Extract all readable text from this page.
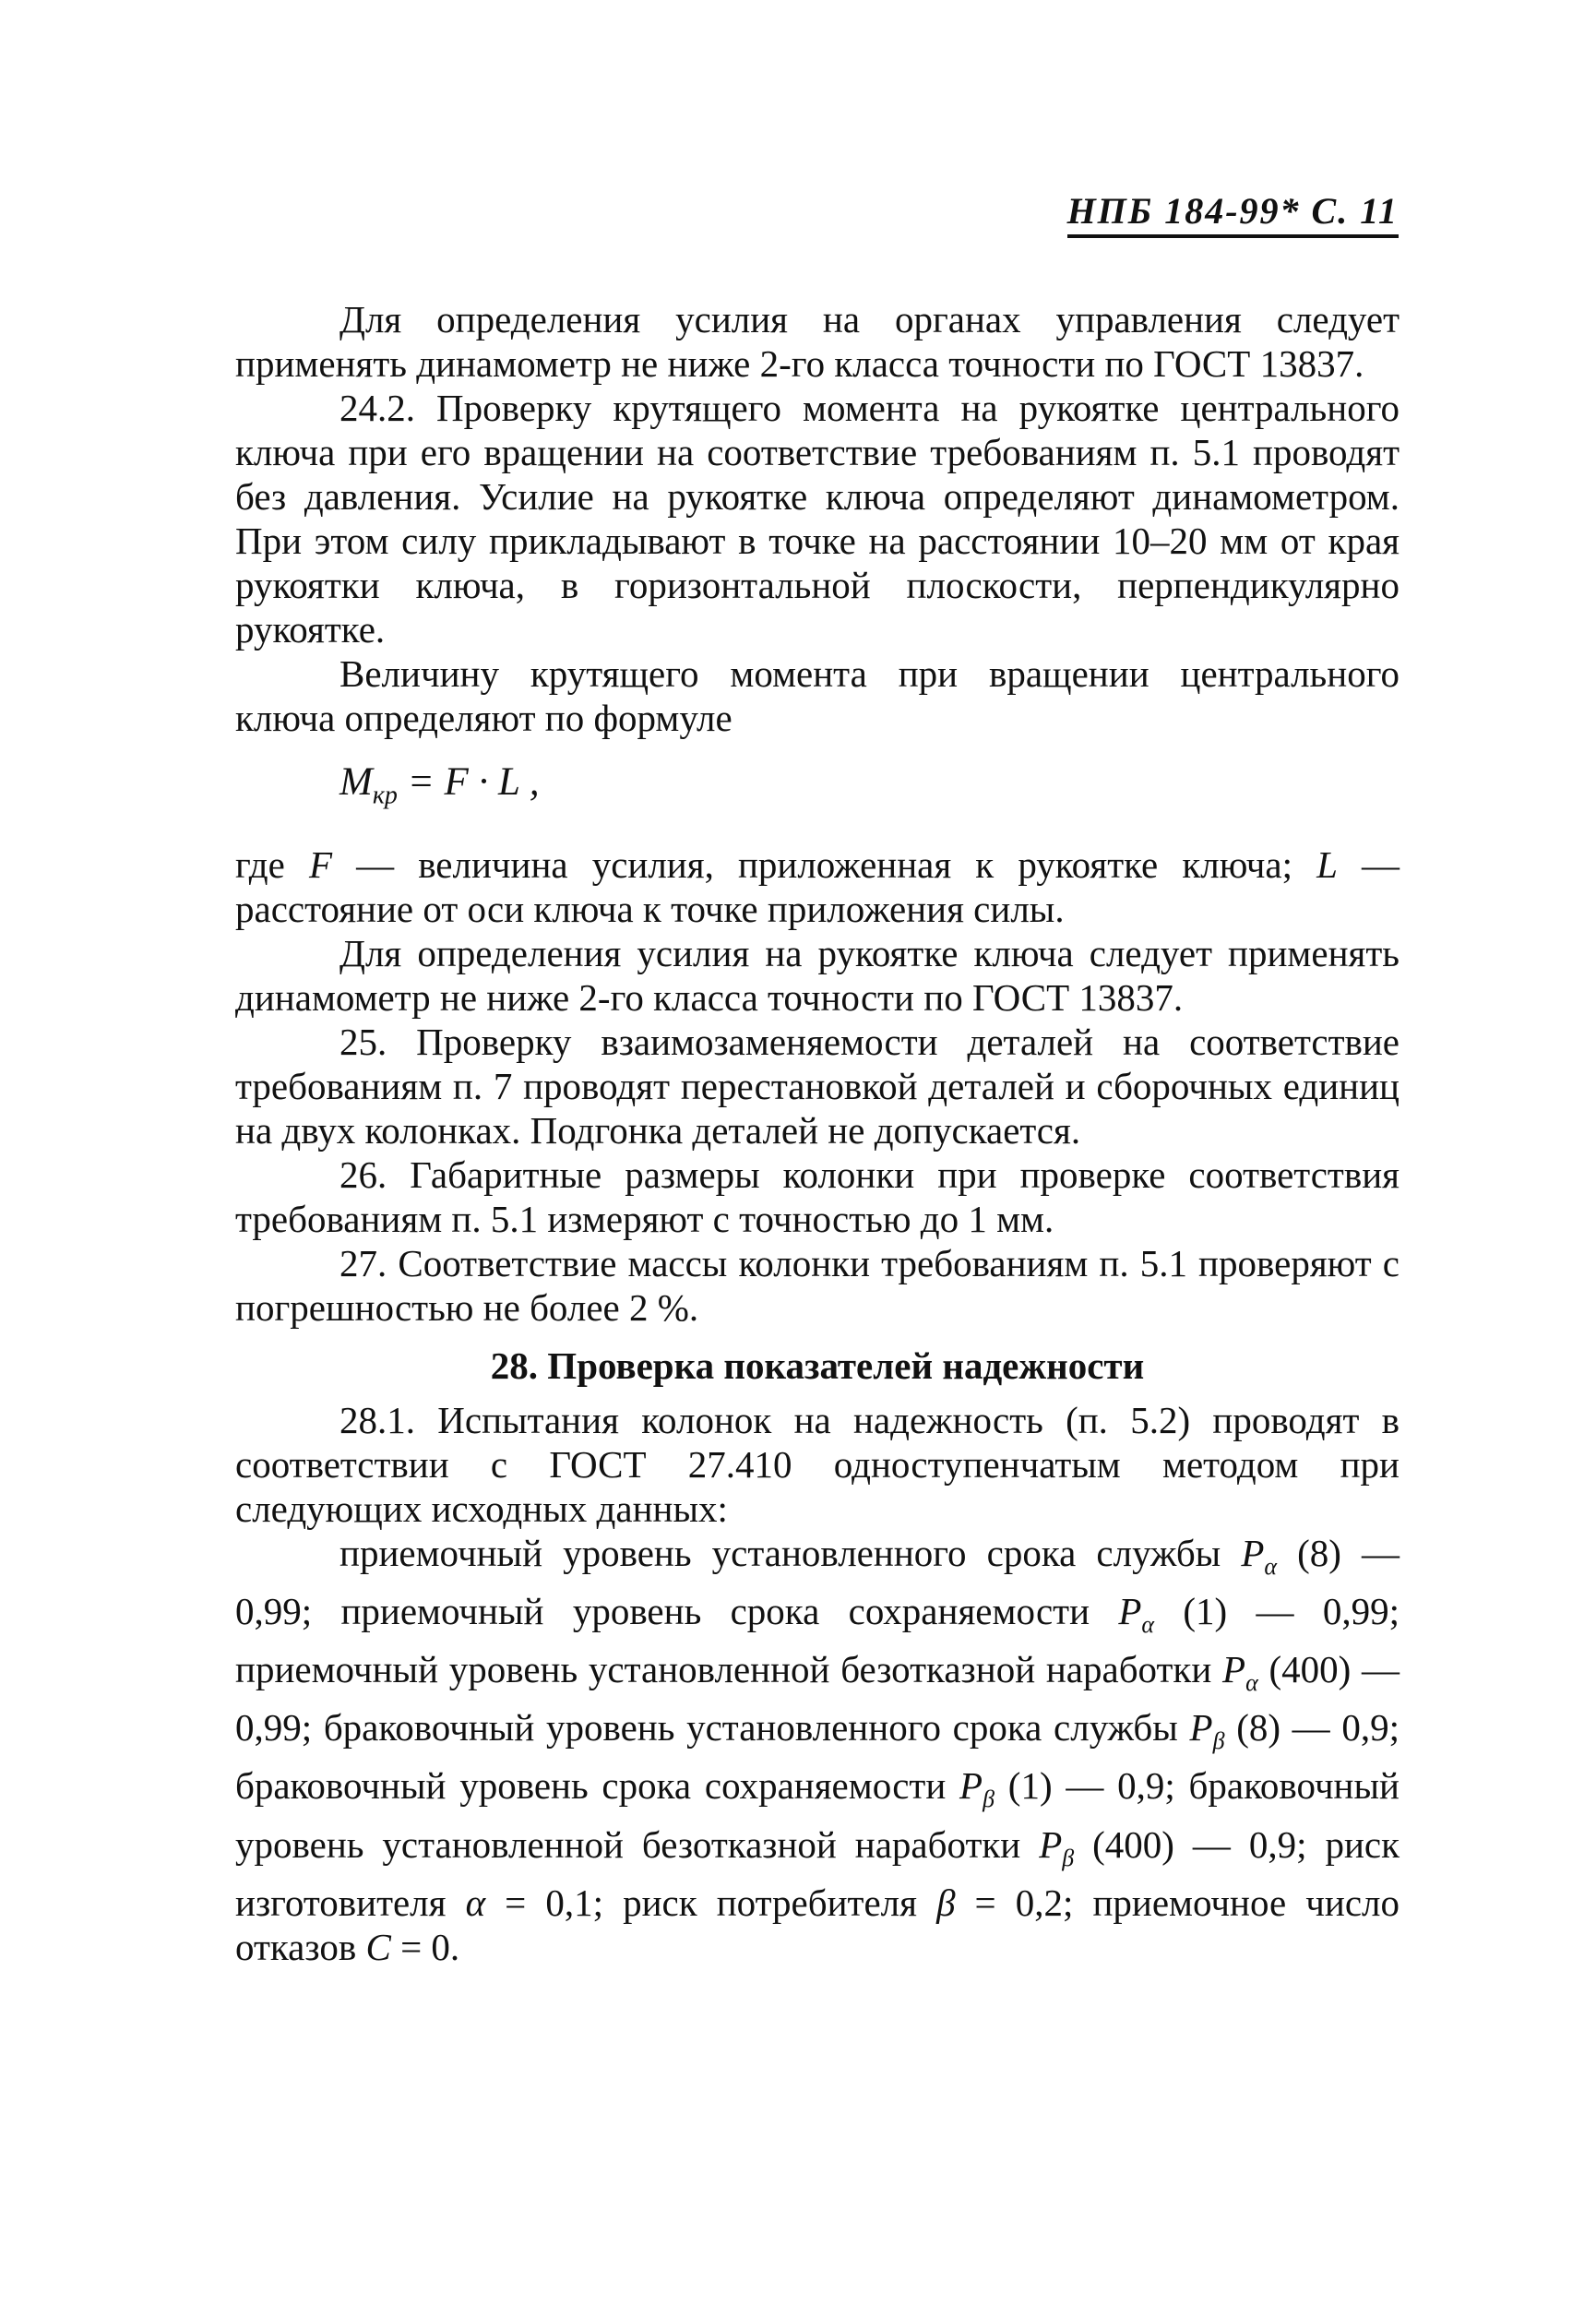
НПБ 184-99* С. 11

Для определения усилия на органах управления следует применять динамометр не ниже 2-го класса точности по ГОСТ 13837.

24.2. Проверку крутящего момента на рукоятке центрального ключа при его вращении на соответствие требованиям п. 5.1 проводят без давления. Усилие на рукоятке ключа определяют динамометром. При этом силу прикладывают в точке на расстоянии 10–20 мм от края рукоятки ключа, в горизонтальной плоскости, перпендикулярно рукоятке.

Величину крутящего момента при вращении центрального ключа определяют по формуле

$M_{кр} = F \cdot L$ ,

где F — величина усилия, приложенная к рукоятке ключа; L — расстояние от оси ключа к точке приложения силы.

Для определения усилия на рукоятке ключа следует применять динамометр не ниже 2-го класса точности по ГОСТ 13837.

25. Проверку взаимозаменяемости деталей на соответствие требованиям п. 7 проводят перестановкой деталей и сборочных единиц на двух колонках. Подгонка деталей не допускается.

26. Габаритные размеры колонки при проверке соответствия требованиям п. 5.1 измеряют с точностью до 1 мм.

27. Соответствие массы колонки требованиям п. 5.1 проверяют с погрешностью не более 2 %.

28. Проверка показателей надежности

28.1. Испытания колонок на надежность (п. 5.2) проводят в соответствии с ГОСТ 27.410 одноступенчатым методом при следующих исходных данных:

приемочный уровень установленного срока службы $P_\alpha$ (8) — 0,99; приемочный уровень срока сохраняемости $P_\alpha$ (1) — 0,99; приемочный уровень установленной безотказной наработки $P_\alpha$ (400) — 0,99; браковочный уровень установленного срока службы $P_\beta$ (8) — 0,9; браковочный уровень срока сохраняемости $P_\beta$ (1) — 0,9; браковочный уровень установленной безотказной наработки $P_\beta$ (400) — 0,9; риск изготовителя α = 0,1; риск потребителя β = 0,2; приемочное число отказов C = 0.
